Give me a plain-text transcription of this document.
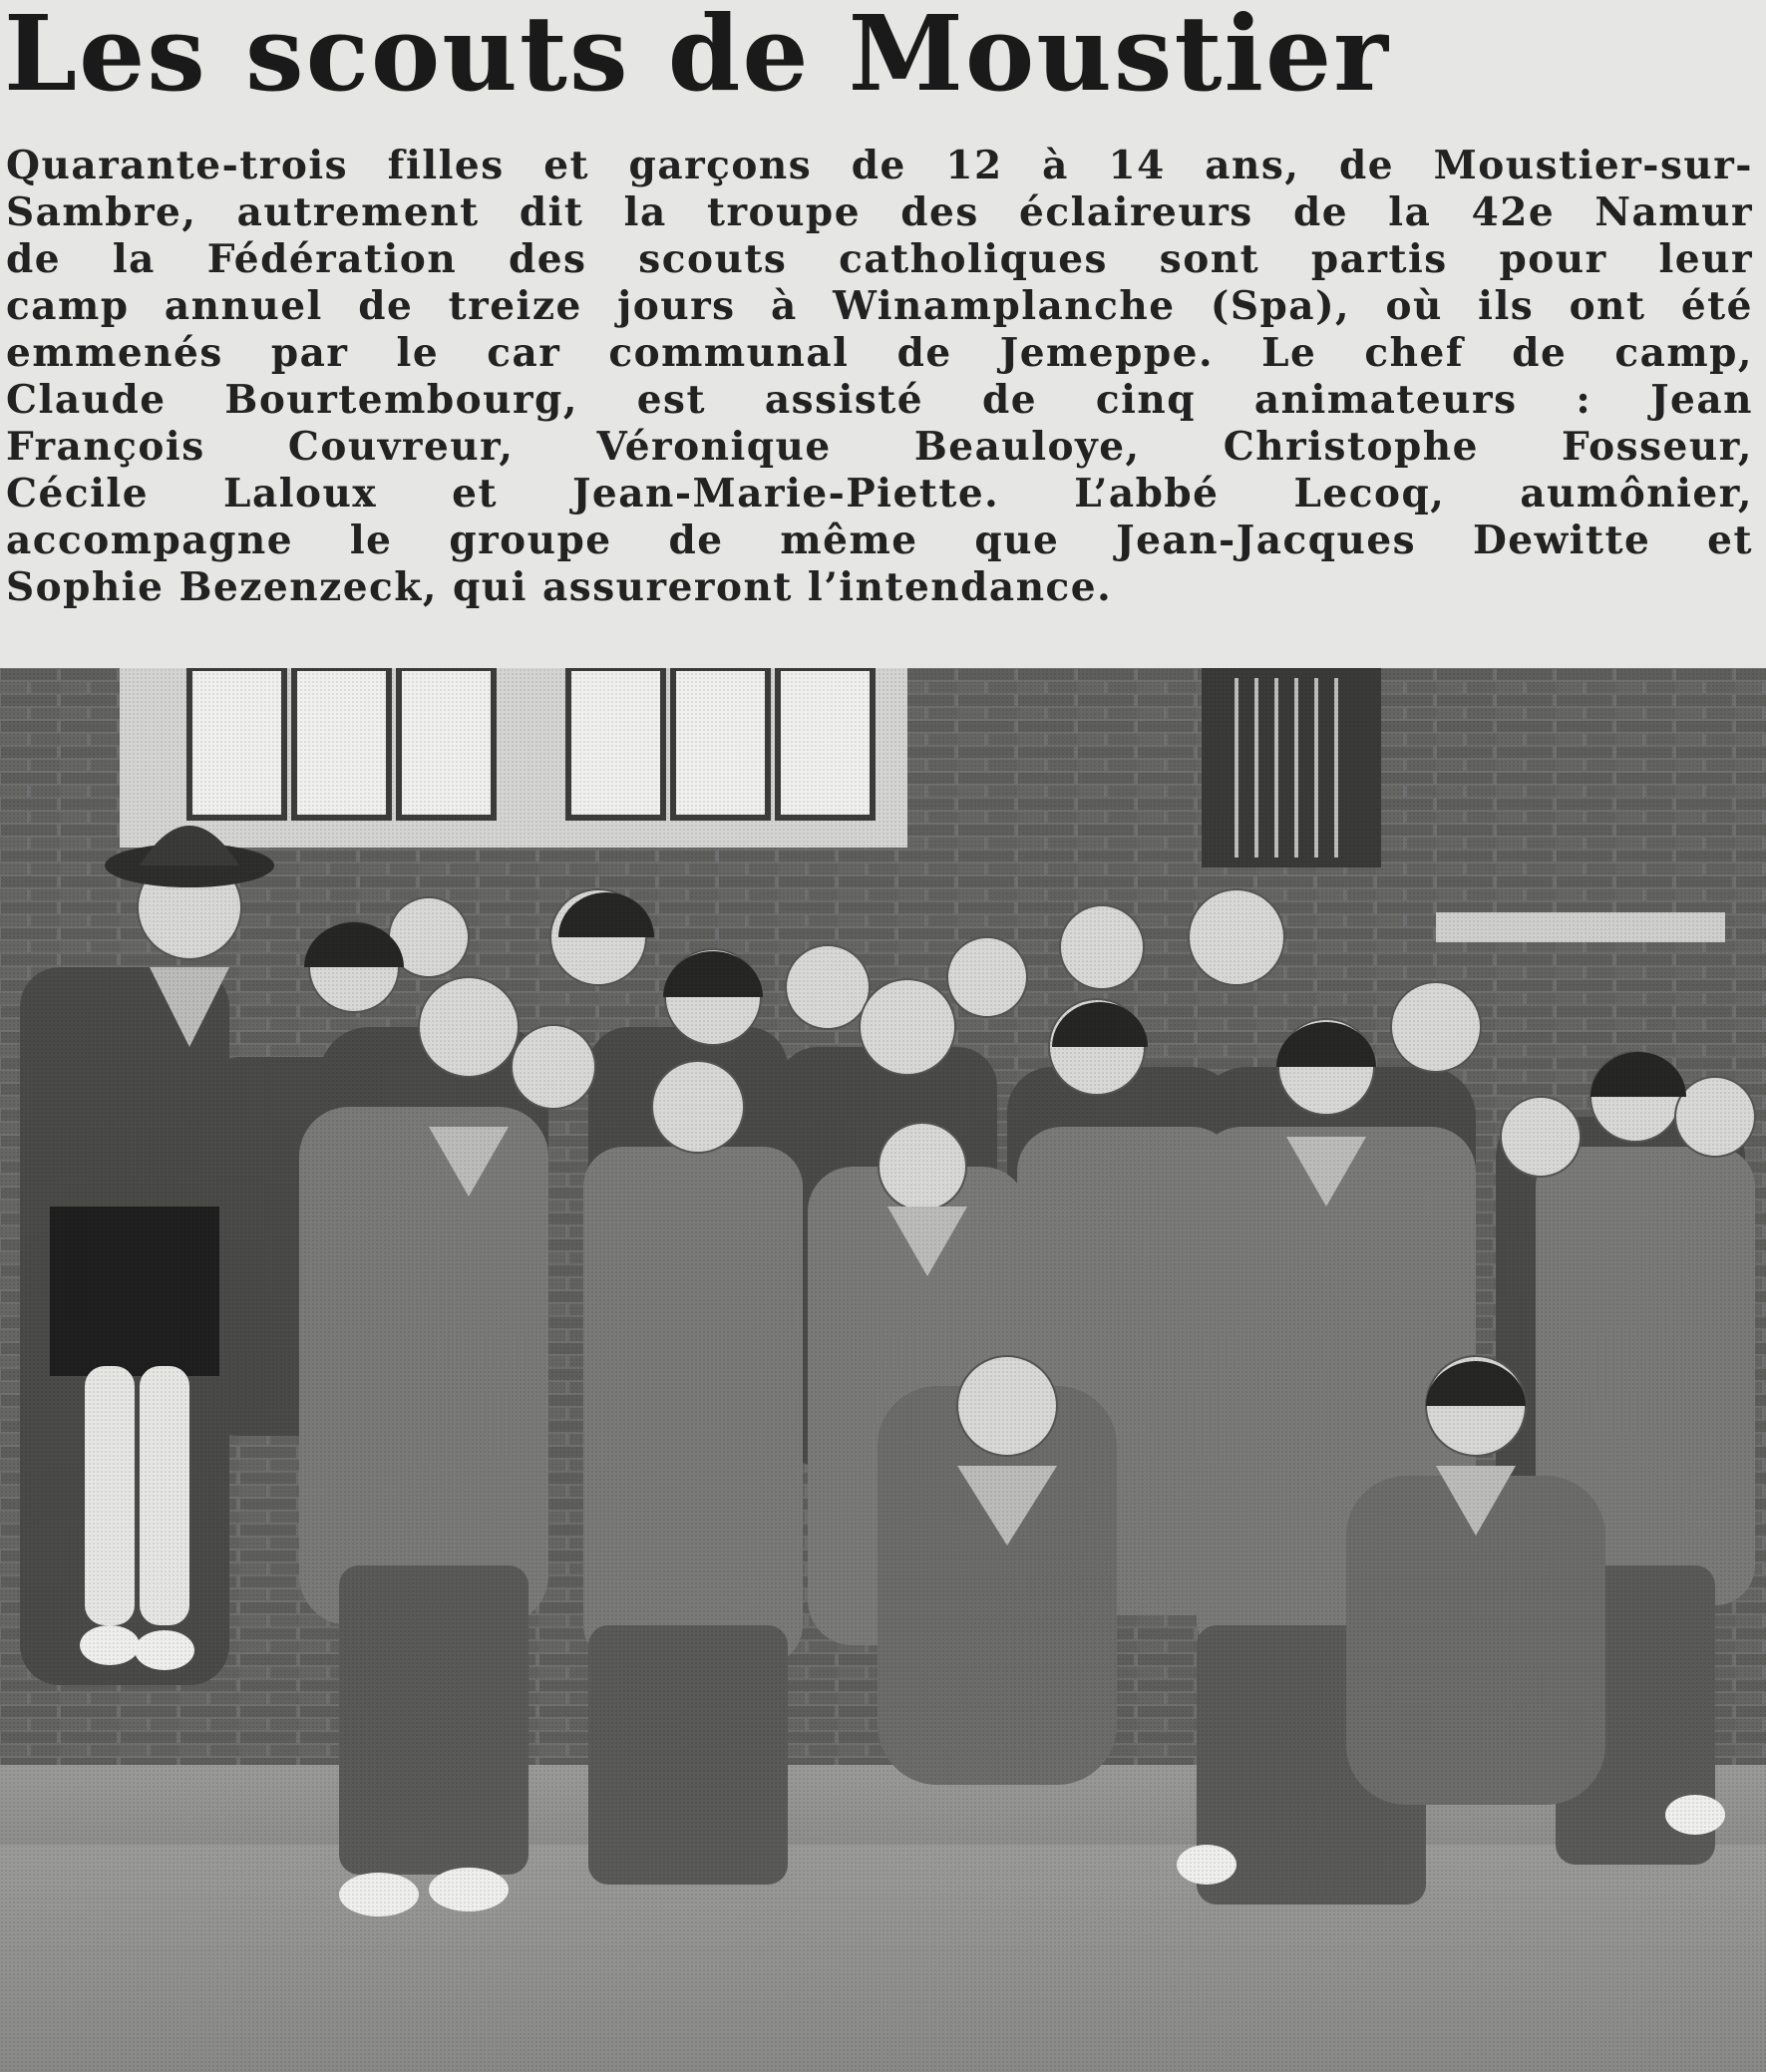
Les scouts de Moustier
Quarante-trois filles et garçons de 12 à 14 ans, de Moustier-sur-
Sambre, autrement dit la troupe des éclaireurs de la 42e Namur
de la Fédération des scouts catholiques sont partis pour leur
camp annuel de treize jours à Winamplanche (Spa), où ils ont été
emmenés par le car communal de Jemeppe. Le chef de camp,
Claude Bourtembourg, est assisté de cinq animateurs : Jean
François Couvreur, Véronique Beauloye, Christophe Fosseur,
Cécile Laloux et Jean-Marie-Piette. L’abbé Lecoq, aumônier,
accompagne le groupe de même que Jean-Jacques Dewitte et
Sophie Bezenzeck, qui assureront l’intendance.
